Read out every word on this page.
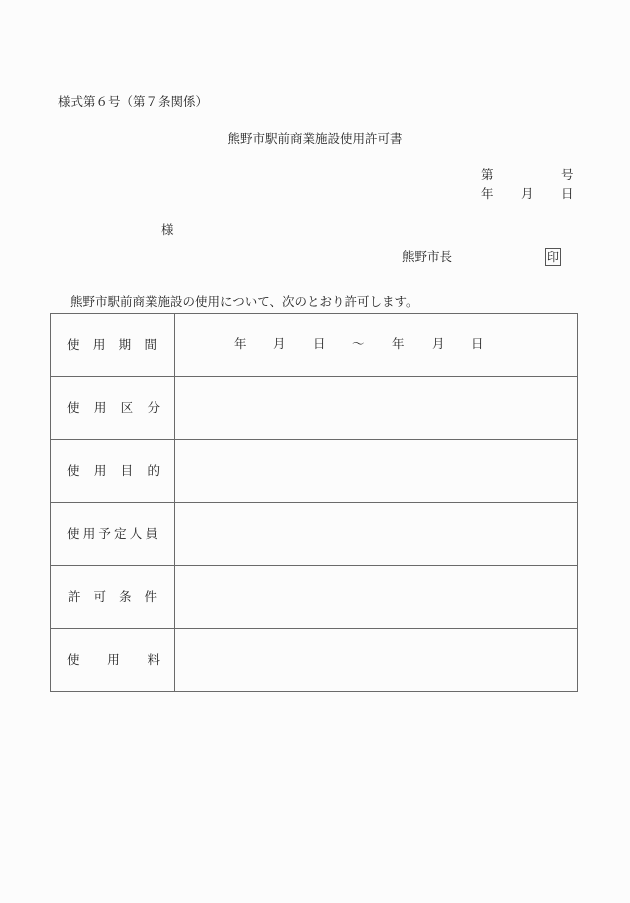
様式第６号（第７条関係）
熊野市駅前商業施設使用許可書
第	号
年 月 日
様
熊野市長	印
熊野市駅前商業施設の使用について、次のとおり許可します。
使 用 期 間	年 月 日 ～ 年 月 日

使 用 区 分	

使 用 目 的	

使 用 予 定 人 員

許 可 条 件	

使 用 料	
